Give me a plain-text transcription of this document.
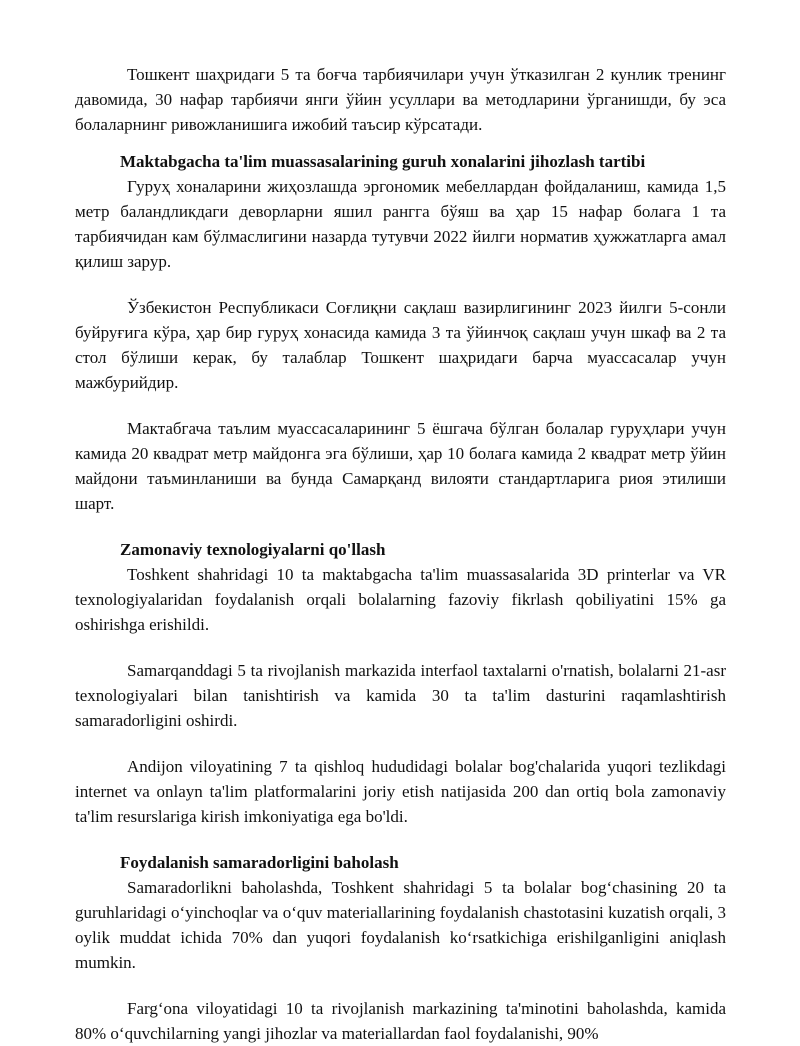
Тошкент шаҳридаги 5 та боғча тарбиячилари учун ўтказилган 2 кунлик тренинг давомида, 30 нафар тарбиячи янги ўйин усуллари ва методларини ўрганишди, бу эса болаларнинг ривожланишига ижобий таъсир кўрсатади.

Maktabgacha ta'lim muassasalarining guruh xonalarini jihozlash tartibi

Гуруҳ хоналарини жиҳозлашда эргономик мебеллардан фойдаланиш, камида 1,5 метр баландликдаги деворларни яшил рангга бўяш ва ҳар 15 нафар болага 1 та тарбиячидан кам бўлмаслигини назарда тутувчи 2022 йилги норматив ҳужжатларга амал қилиш зарур.

Ўзбекистон Республикаси Соғлиқни сақлаш вазирлигининг 2023 йилги 5-сонли буйруғига кўра, ҳар бир гуруҳ хонасида камида 3 та ўйинчоқ сақлаш учун шкаф ва 2 та стол бўлиши керак, бу талаблар Тошкент шаҳридаги барча муассасалар учун мажбурийдир.

Мактабгача таълим муассасаларининг 5 ёшгача бўлган болалар гуруҳлари учун камида 20 квадрат метр майдонга эга бўлиши, ҳар 10 болага камида 2 квадрат метр ўйин майдони таъминланиши ва бунда Самарқанд вилояти стандартларига риоя этилиши шарт.

Zamonaviy texnologiyalarni qo'llash

Toshkent shahridagi 10 ta maktabgacha ta'lim muassasalarida 3D printerlar va VR texnologiyalaridan foydalanish orqali bolalarning fazoviy fikrlash qobiliyatini 15% ga oshirishga erishildi.

Samarqanddagi 5 ta rivojlanish markazida interfaol taxtalarni o'rnatish, bolalarni 21-asr texnologiyalari bilan tanishtirish va kamida 30 ta ta'lim dasturini raqamlashtirish samaradorligini oshirdi.

Andijon viloyatining 7 ta qishloq hududidagi bolalar bog'chalarida yuqori tezlikdagi internet va onlayn ta'lim platformalarini joriy etish natijasida 200 dan ortiq bola zamonaviy ta'lim resurslariga kirish imkoniyatiga ega bo'ldi.

Foydalanish samaradorligini baholash

Samaradorlikni baholashda, Toshkent shahridagi 5 ta bolalar bog‘chasining 20 ta guruhlaridagi o‘yinchoqlar va o‘quv materiallarining foydalanish chastotasini kuzatish orqali, 3 oylik muddat ichida 70% dan yuqori foydalanish ko‘rsatkichiga erishilganligini aniqlash mumkin.

Farg‘ona viloyatidagi 10 ta rivojlanish markazining ta'minotini baholashda, kamida 80% o‘quvchilarning yangi jihozlar va materiallardan faol foydalanishi, 90%
